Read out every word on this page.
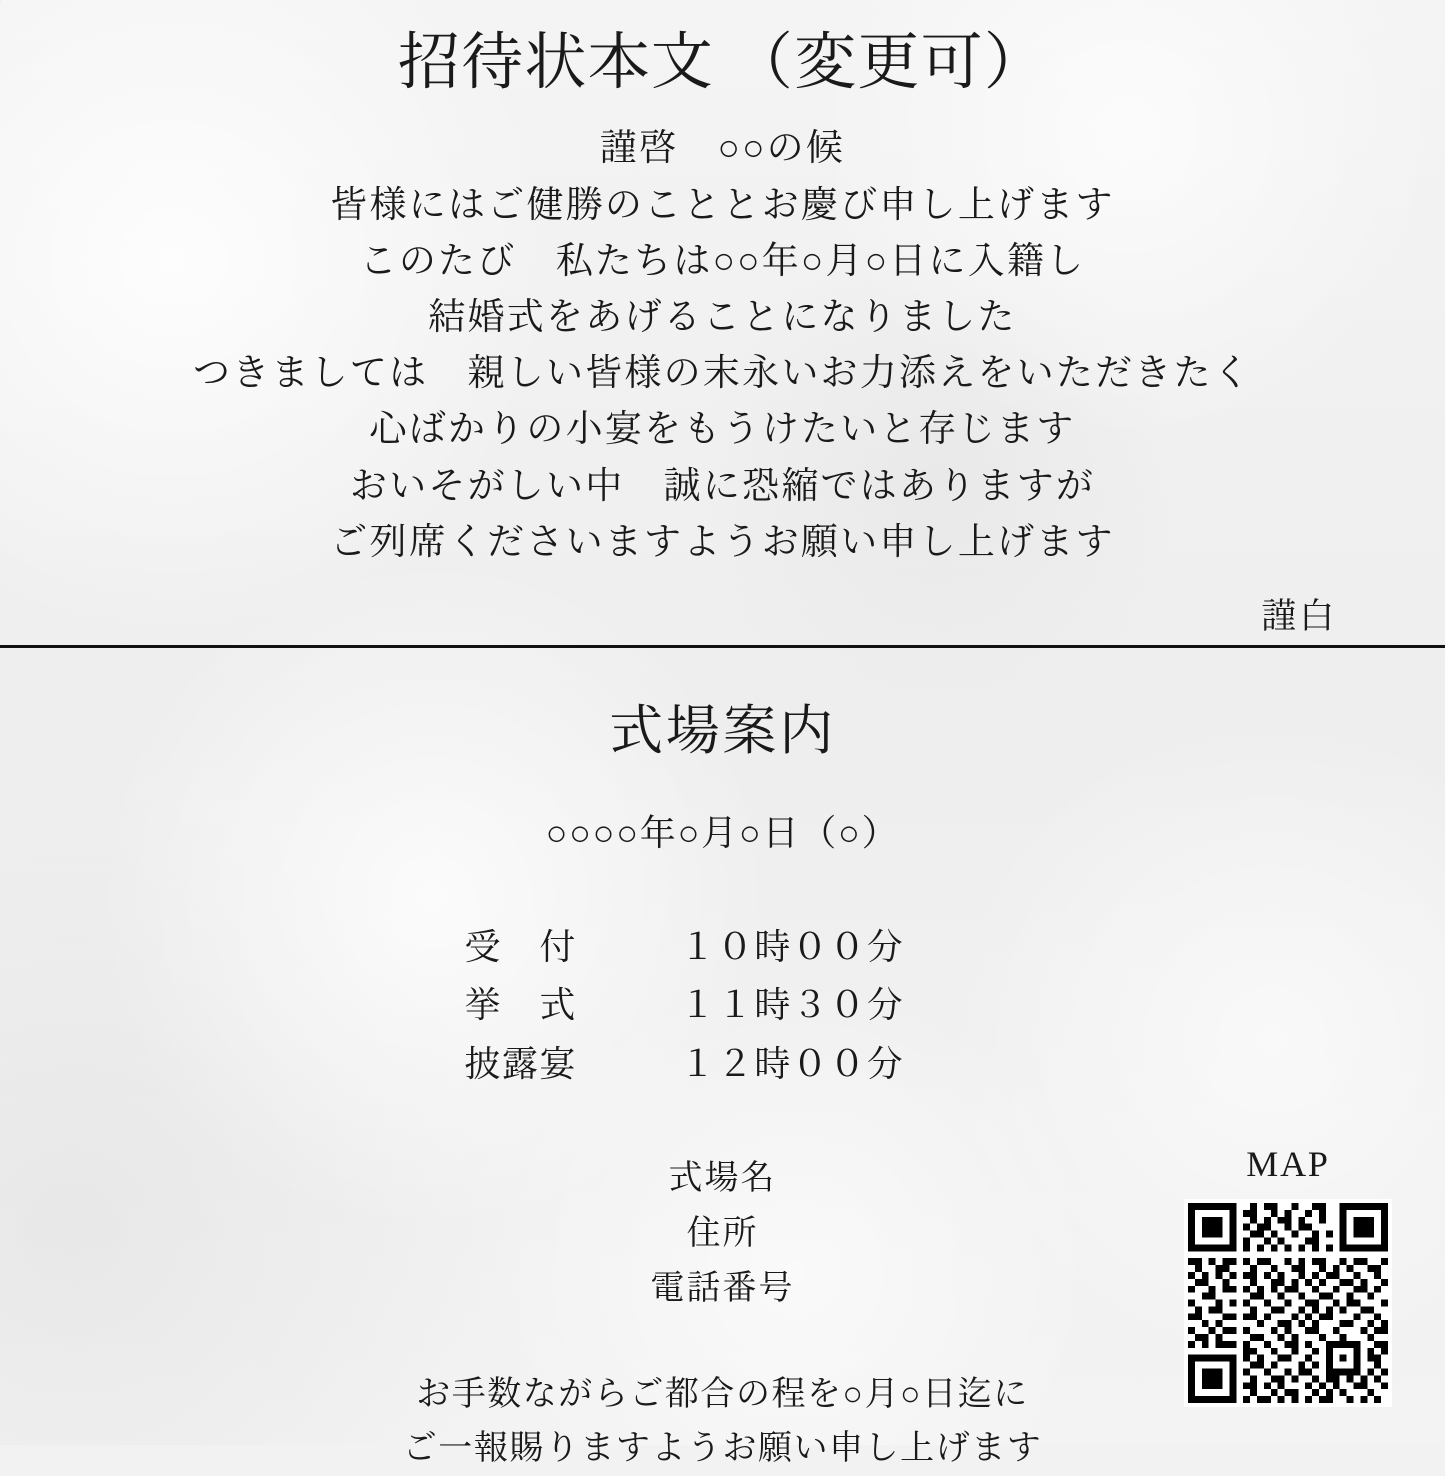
招待状本文 （変更可）
謹啓　○○の候
皆様にはご健勝のこととお慶び申し上げます
このたび　私たちは○○年○月○日に入籍し
結婚式をあげることになりました
つきましては　親しい皆様の末永いお力添えをいただきたく
心ばかりの小宴をもうけたいと存じます
おいそがしい中　誠に恐縮ではありますが
ご列席くださいますようお願い申し上げます
謹白
式場案内
○○○○年○月○日（○）
受　付	１０時００分
挙　式	１１時３０分
披露宴	１２時００分
式場名
住所
電話番号
お手数ながらご都合の程を○月○日迄に
ご一報賜りますようお願い申し上げます
MAP
